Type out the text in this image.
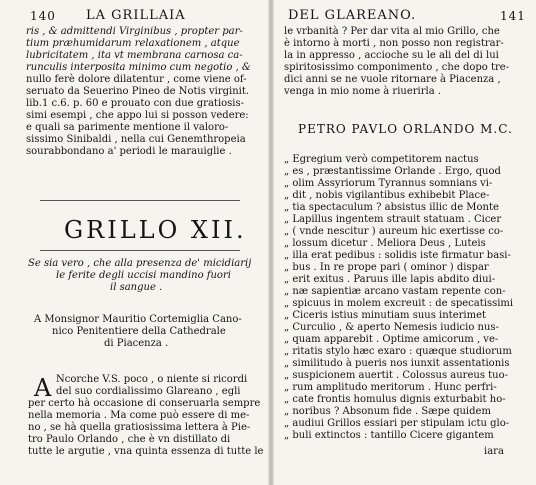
140 LA GRILLAIA
ris , & admittendi Virginibus , propter par-
tium præhumidarum relaxationem , atque
lubricitatem , ita vt membrana carnosa ca-
runculis interposita minimo cum negotio , &
nullo ferè dolore dilatentur , come viene of-
seruato da Seuerino Pineo de Notis virginit.
lib.1 c.6. p. 60 e prouato con due gratiosis-
simi esempi , che appo lui si posson vedere:
e quali sa parimente mentione il valoro-
sissimo Sinibaldi , nella cui Genemthropeia
sourabbondano a' periodi le marauiglie .
GRILLO XII.
Se sia vero , che alla presenza de' micidiarij
le ferite degli uccisi mandino fuori
il sangue .
A Monsignor Mauritio Cortemiglia Cano-
nico Penitentiere della Cathedrale
di Piacenza .
A Ncorche V.S. poco , o niente si ricordi
del suo cordialissimo Glareano , egli
per certo hà occasione di conseruarla sempre
nella memoria . Ma come può essere di me-
no , se hà quella gratiosissima lettera à Pie-
tro Paulo Orlando , che è vn distillato di
tutte le argutie , vna quinta essenza di tutte le
DEL GLAREANO.	141
le vrbanità ? Per dar vita al mio Grillo, che
è intorno à morti , non posso non registrar-
la in appresso , accioche su le ali del di lui
spiritosissimo componimento , che dopo tre-
dici anni se ne vuole ritornare à Piacenza ,
venga in mio nome à riuerirla .
PETRO PAVLO ORLANDO M.C.
„ Egregium verò competitorem nactus
„ es , præstantissime Orlande . Ergo, quod
„ olim Assyriorum Tyrannus somnians vi-
„ dit , nobis vigilantibus exhibebit Place-
„ tia spectaculum ? absistus illic de Monte
„ Lapillus ingentem strauit statuam . Cicer
„ ( vnde nescitur ) aureum hic exertisse co-
„ lossum dicetur . Meliora Deus , Luteis
„ illa erat pedibus : solidis iste firmatur basi-
„ bus . In re prope pari ( ominor ) dispar
„ erit exitus . Paruus ille lapis abdito diui-
„ næ sapientiæ arcano vastam repente con-
„ spicuus in molem excreuit : de specatissimi
„ Ciceris istius minutiam suus interimet
„ Curculio , & aperto Nemesis iudicio nus-
„ quam apparebit . Optime amicorum , ve-
„ ritatis stylo hæc exaro : quæque studiorum
„ similitudo à pueris nos iunxit assentationis
„ suspicionem auertit . Colossus aureus tuo-
„ rum amplitudo meritorum . Hunc perfri-
„ cate frontis homulus dignis exturbabit ho-
„ noribus ? Absonum fide . Sæpe quidem
„ audiui Grillos essiari per stipulam ictu glo-
„ buli extinctos : tantillo Cicere gigantem
iara
